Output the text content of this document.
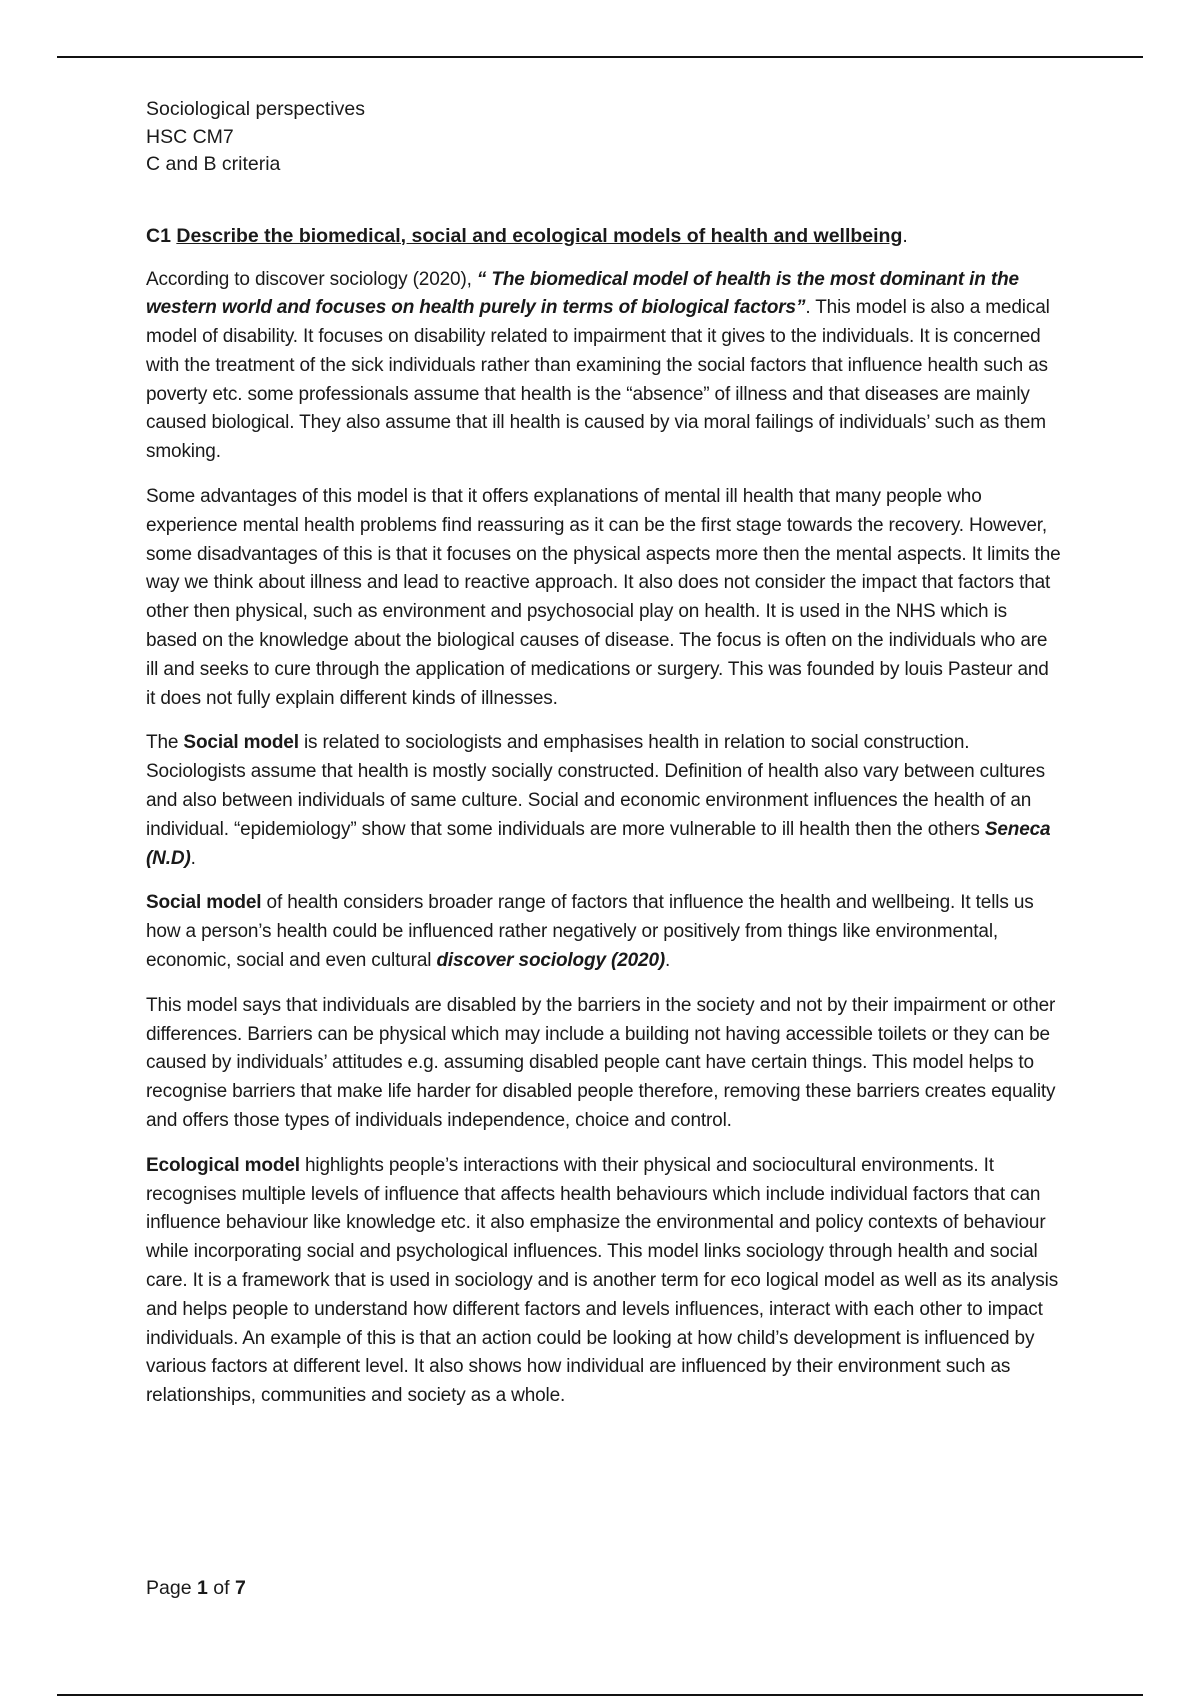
Sociological perspectives
HSC CM7
C and B criteria
C1 Describe the biomedical, social and ecological models of health and wellbeing.

According to discover sociology (2020), “ The biomedical model of health is the most dominant in the western world and focuses on health purely in terms of biological factors”. This model is also a medical model of disability. It focuses on disability related to impairment that it gives to the individuals. It is concerned with the treatment of the sick individuals rather than examining the social factors that influence health such as poverty etc. some professionals assume that health is the “absence” of illness and that diseases are mainly caused biological. They also assume that ill health is caused by via moral failings of individuals’ such as them smoking.

Some advantages of this model is that it offers explanations of mental ill health that many people who experience mental health problems find reassuring as it can be the first stage towards the recovery. However, some disadvantages of this is that it focuses on the physical aspects more then the mental aspects. It limits the way we think about illness and lead to reactive approach. It also does not consider the impact that factors that other then physical, such as environment and psychosocial play on health. It is used in the NHS which is based on the knowledge about the biological causes of disease. The focus is often on the individuals who are ill and seeks to cure through the application of medications or surgery. This was founded by louis Pasteur and it does not fully explain different kinds of illnesses.

The Social model is related to sociologists and emphasises health in relation to social construction. Sociologists assume that health is mostly socially constructed. Definition of health also vary between cultures and also between individuals of same culture. Social and economic environment influences the health of an individual. “epidemiology” show that some individuals are more vulnerable to ill health then the others Seneca (N.D).

Social model of health considers broader range of factors that influence the health and wellbeing. It tells us how a person’s health could be influenced rather negatively or positively from things like environmental, economic, social and even cultural discover sociology (2020).

This model says that individuals are disabled by the barriers in the society and not by their impairment or other differences. Barriers can be physical which may include a building not having accessible toilets or they can be caused by individuals’ attitudes e.g. assuming disabled people cant have certain things. This model helps to recognise barriers that make life harder for disabled people therefore, removing these barriers creates equality and offers those types of individuals independence, choice and control.

Ecological model highlights people’s interactions with their physical and sociocultural environments. It recognises multiple levels of influence that affects health behaviours which include individual factors that can influence behaviour like knowledge etc. it also emphasize the environmental and policy contexts of behaviour while incorporating social and psychological influences. This model links sociology through health and social care. It is a framework that is used in sociology and is another term for eco logical model as well as its analysis and helps people to understand how different factors and levels influences, interact with each other to impact individuals. An example of this is that an action could be looking at how child’s development is influenced by various factors at different level. It also shows how individual are influenced by their environment such as relationships, communities and society as a whole.

Page 1 of 7
